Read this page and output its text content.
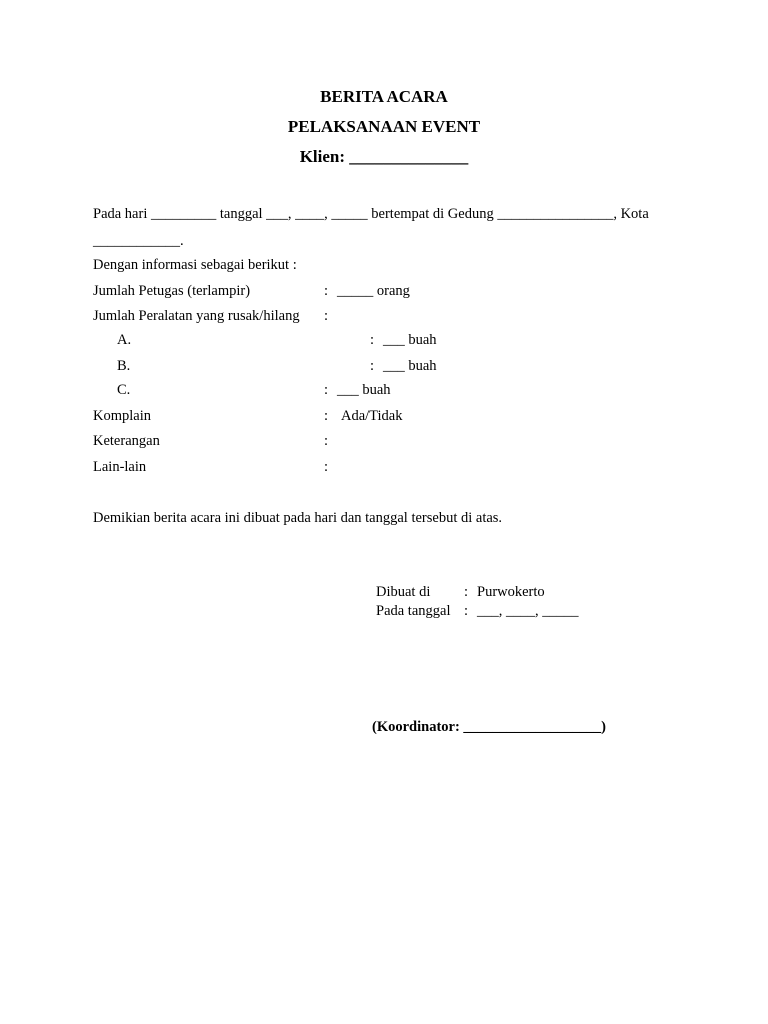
BERITA ACARA
PELAKSANAAN EVENT
Klien: ______________
Pada hari _________ tanggal ___, ____, _____ bertempat di Gedung ________________, Kota
____________.
Dengan informasi sebagai berikut :
Jumlah Petugas (terlampir)	: _____ orang
Jumlah Peralatan yang rusak/hilang :
A.	: ___ buah
B.	: ___ buah
C.	: ___ buah
Komplain	: Ada/Tidak
Keterangan	:
Lain-lain	:
Demikian berita acara ini dibuat pada hari dan tanggal tersebut di atas.
Dibuat di : Purwokerto
Pada tanggal : ___, ____, _____
(Koordinator: ___________________)
